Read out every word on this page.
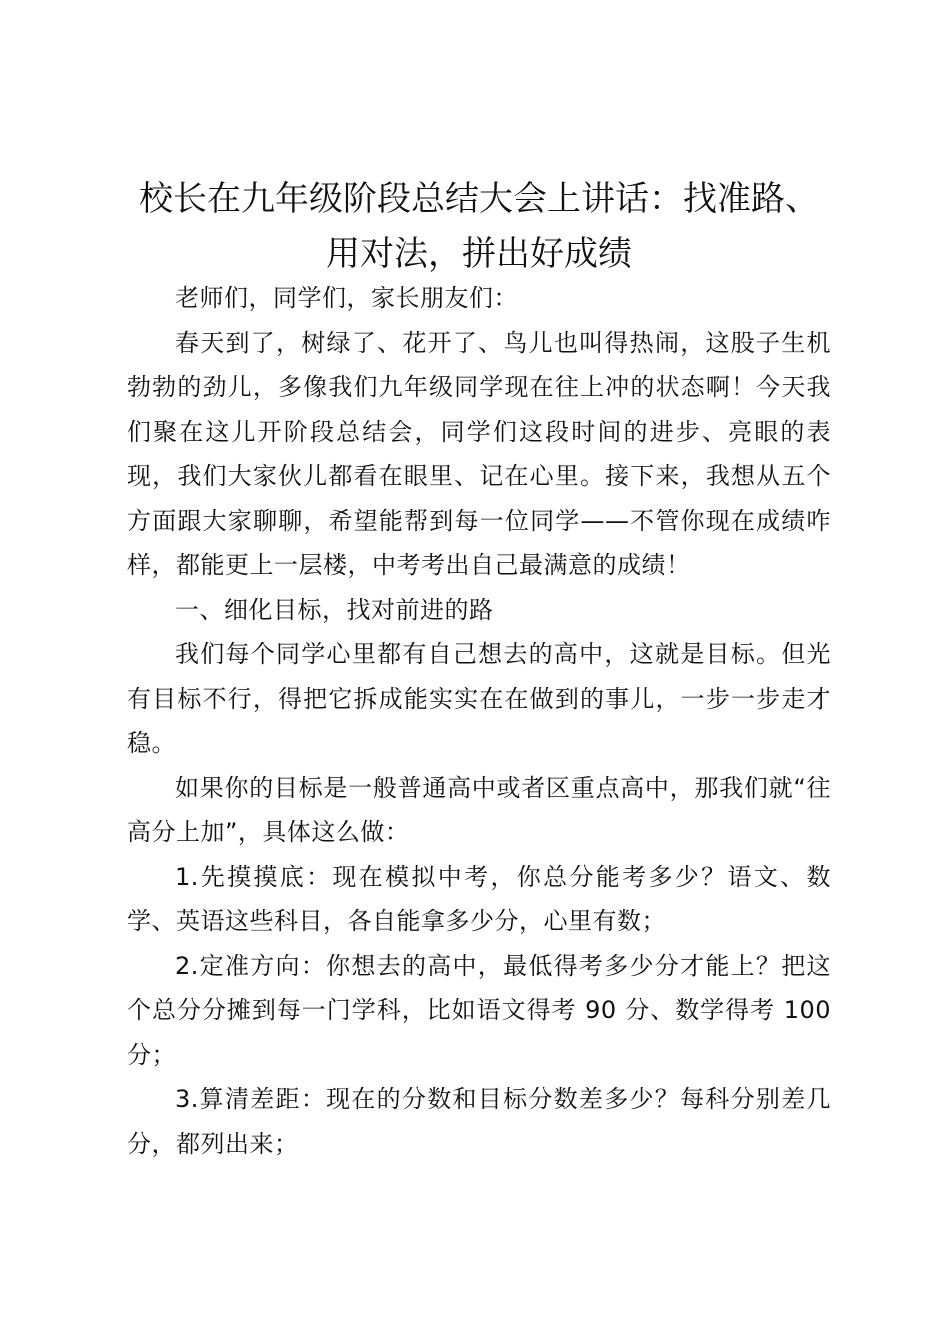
校长在九年级阶段总结大会上讲话：找准路、
用对法，拼出好成绩

老师们，同学们，家长朋友们：

春天到了，树绿了、花开了、鸟儿也叫得热闹，这股子生机勃勃的劲儿，多像我们九年级同学现在往上冲的状态啊！今天我们聚在这儿开阶段总结会，同学们这段时间的进步、亮眼的表现，我们大家伙儿都看在眼里、记在心里。接下来，我想从五个方面跟大家聊聊，希望能帮到每一位同学——不管你现在成绩咋样，都能更上一层楼，中考考出自己最满意的成绩！

一、细化目标，找对前进的路

我们每个同学心里都有自己想去的高中，这就是目标。但光有目标不行，得把它拆成能实实在在做到的事儿，一步一步走才稳。

如果你的目标是一般普通高中或者区重点高中，那我们就“往高分上加”，具体这么做：

1.先摸摸底：现在模拟中考，你总分能考多少？语文、数学、英语这些科目，各自能拿多少分，心里有数；

2.定准方向：你想去的高中，最低得考多少分才能上？把这个总分分摊到每一门学科，比如语文得考 90 分、数学得考 100 分；

3.算清差距：现在的分数和目标分数差多少？每科分别差几分，都列出来；
